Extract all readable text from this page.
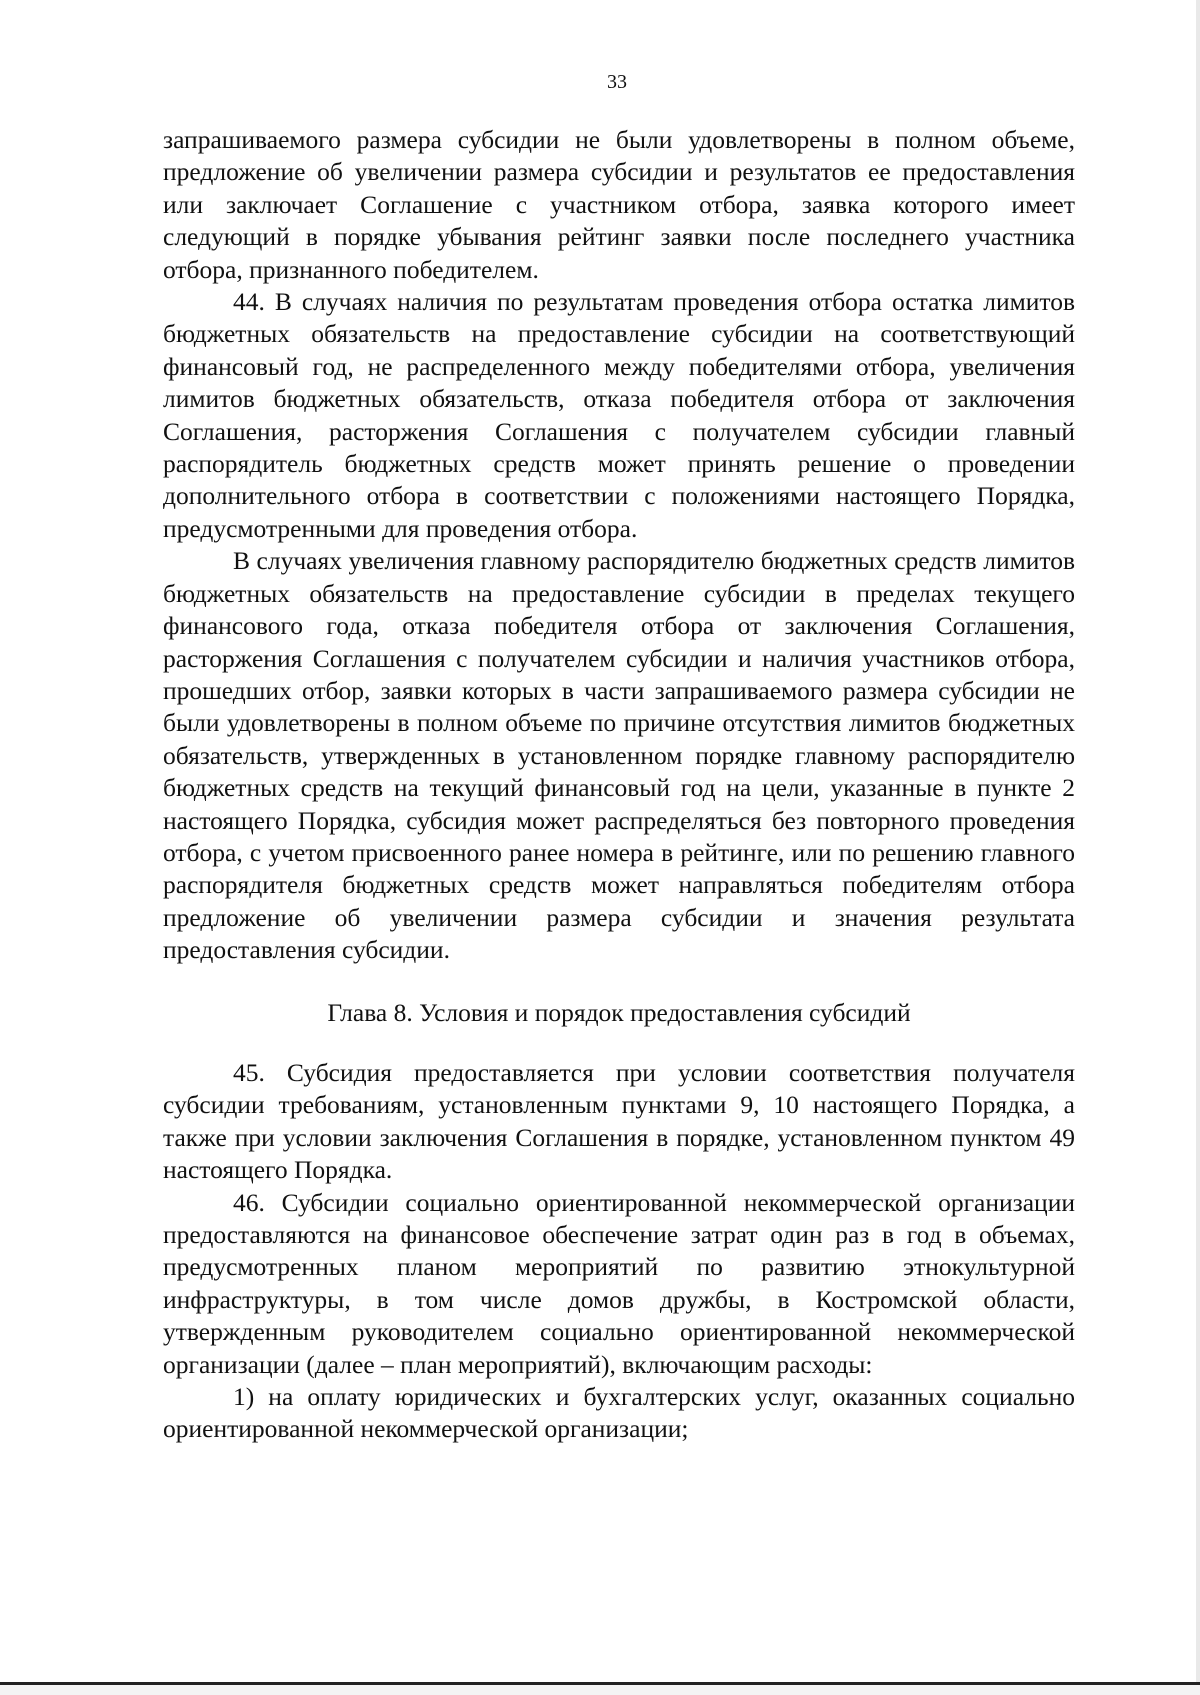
33

запрашиваемого размера субсидии не были удовлетворены в полном объеме, предложение об увеличении размера субсидии и результатов ее предоставления или заключает Соглашение с участником отбора, заявка которого имеет следующий в порядке убывания рейтинг заявки после последнего участника отбора, признанного победителем.

44. В случаях наличия по результатам проведения отбора остатка лимитов бюджетных обязательств на предоставление субсидии на соответствующий финансовый год, не распределенного между победителями отбора, увеличения лимитов бюджетных обязательств, отказа победителя отбора от заключения Соглашения, расторжения Соглашения с получателем субсидии главный распорядитель бюджетных средств может принять решение о проведении дополнительного отбора в соответствии с положениями настоящего Порядка, предусмотренными для проведения отбора.

В случаях увеличения главному распорядителю бюджетных средств лимитов бюджетных обязательств на предоставление субсидии в пределах текущего финансового года, отказа победителя отбора от заключения Соглашения, расторжения Соглашения с получателем субсидии и наличия участников отбора, прошедших отбор, заявки которых в части запрашиваемого размера субсидии не были удовлетворены в полном объеме по причине отсутствия лимитов бюджетных обязательств, утвержденных в установленном порядке главному распорядителю бюджетных средств на текущий финансовый год на цели, указанные в пункте 2 настоящего Порядка, субсидия может распределяться без повторного проведения отбора, с учетом присвоенного ранее номера в рейтинге, или по решению главного распорядителя бюджетных средств может направляться победителям отбора предложение об увеличении размера субсидии и значения результата предоставления субсидии.

Глава 8. Условия и порядок предоставления субсидий

45. Субсидия предоставляется при условии соответствия получателя субсидии требованиям, установленным пунктами 9, 10 настоящего Порядка, а также при условии заключения Соглашения в порядке, установленном пунктом 49 настоящего Порядка.

46. Субсидии социально ориентированной некоммерческой организации предоставляются на финансовое обеспечение затрат один раз в год в объемах, предусмотренных планом мероприятий по развитию этнокультурной инфраструктуры, в том числе домов дружбы, в Костромской области, утвержденным руководителем социально ориентированной некоммерческой организации (далее – план мероприятий), включающим расходы:

1) на оплату юридических и бухгалтерских услуг, оказанных социально ориентированной некоммерческой организации;
